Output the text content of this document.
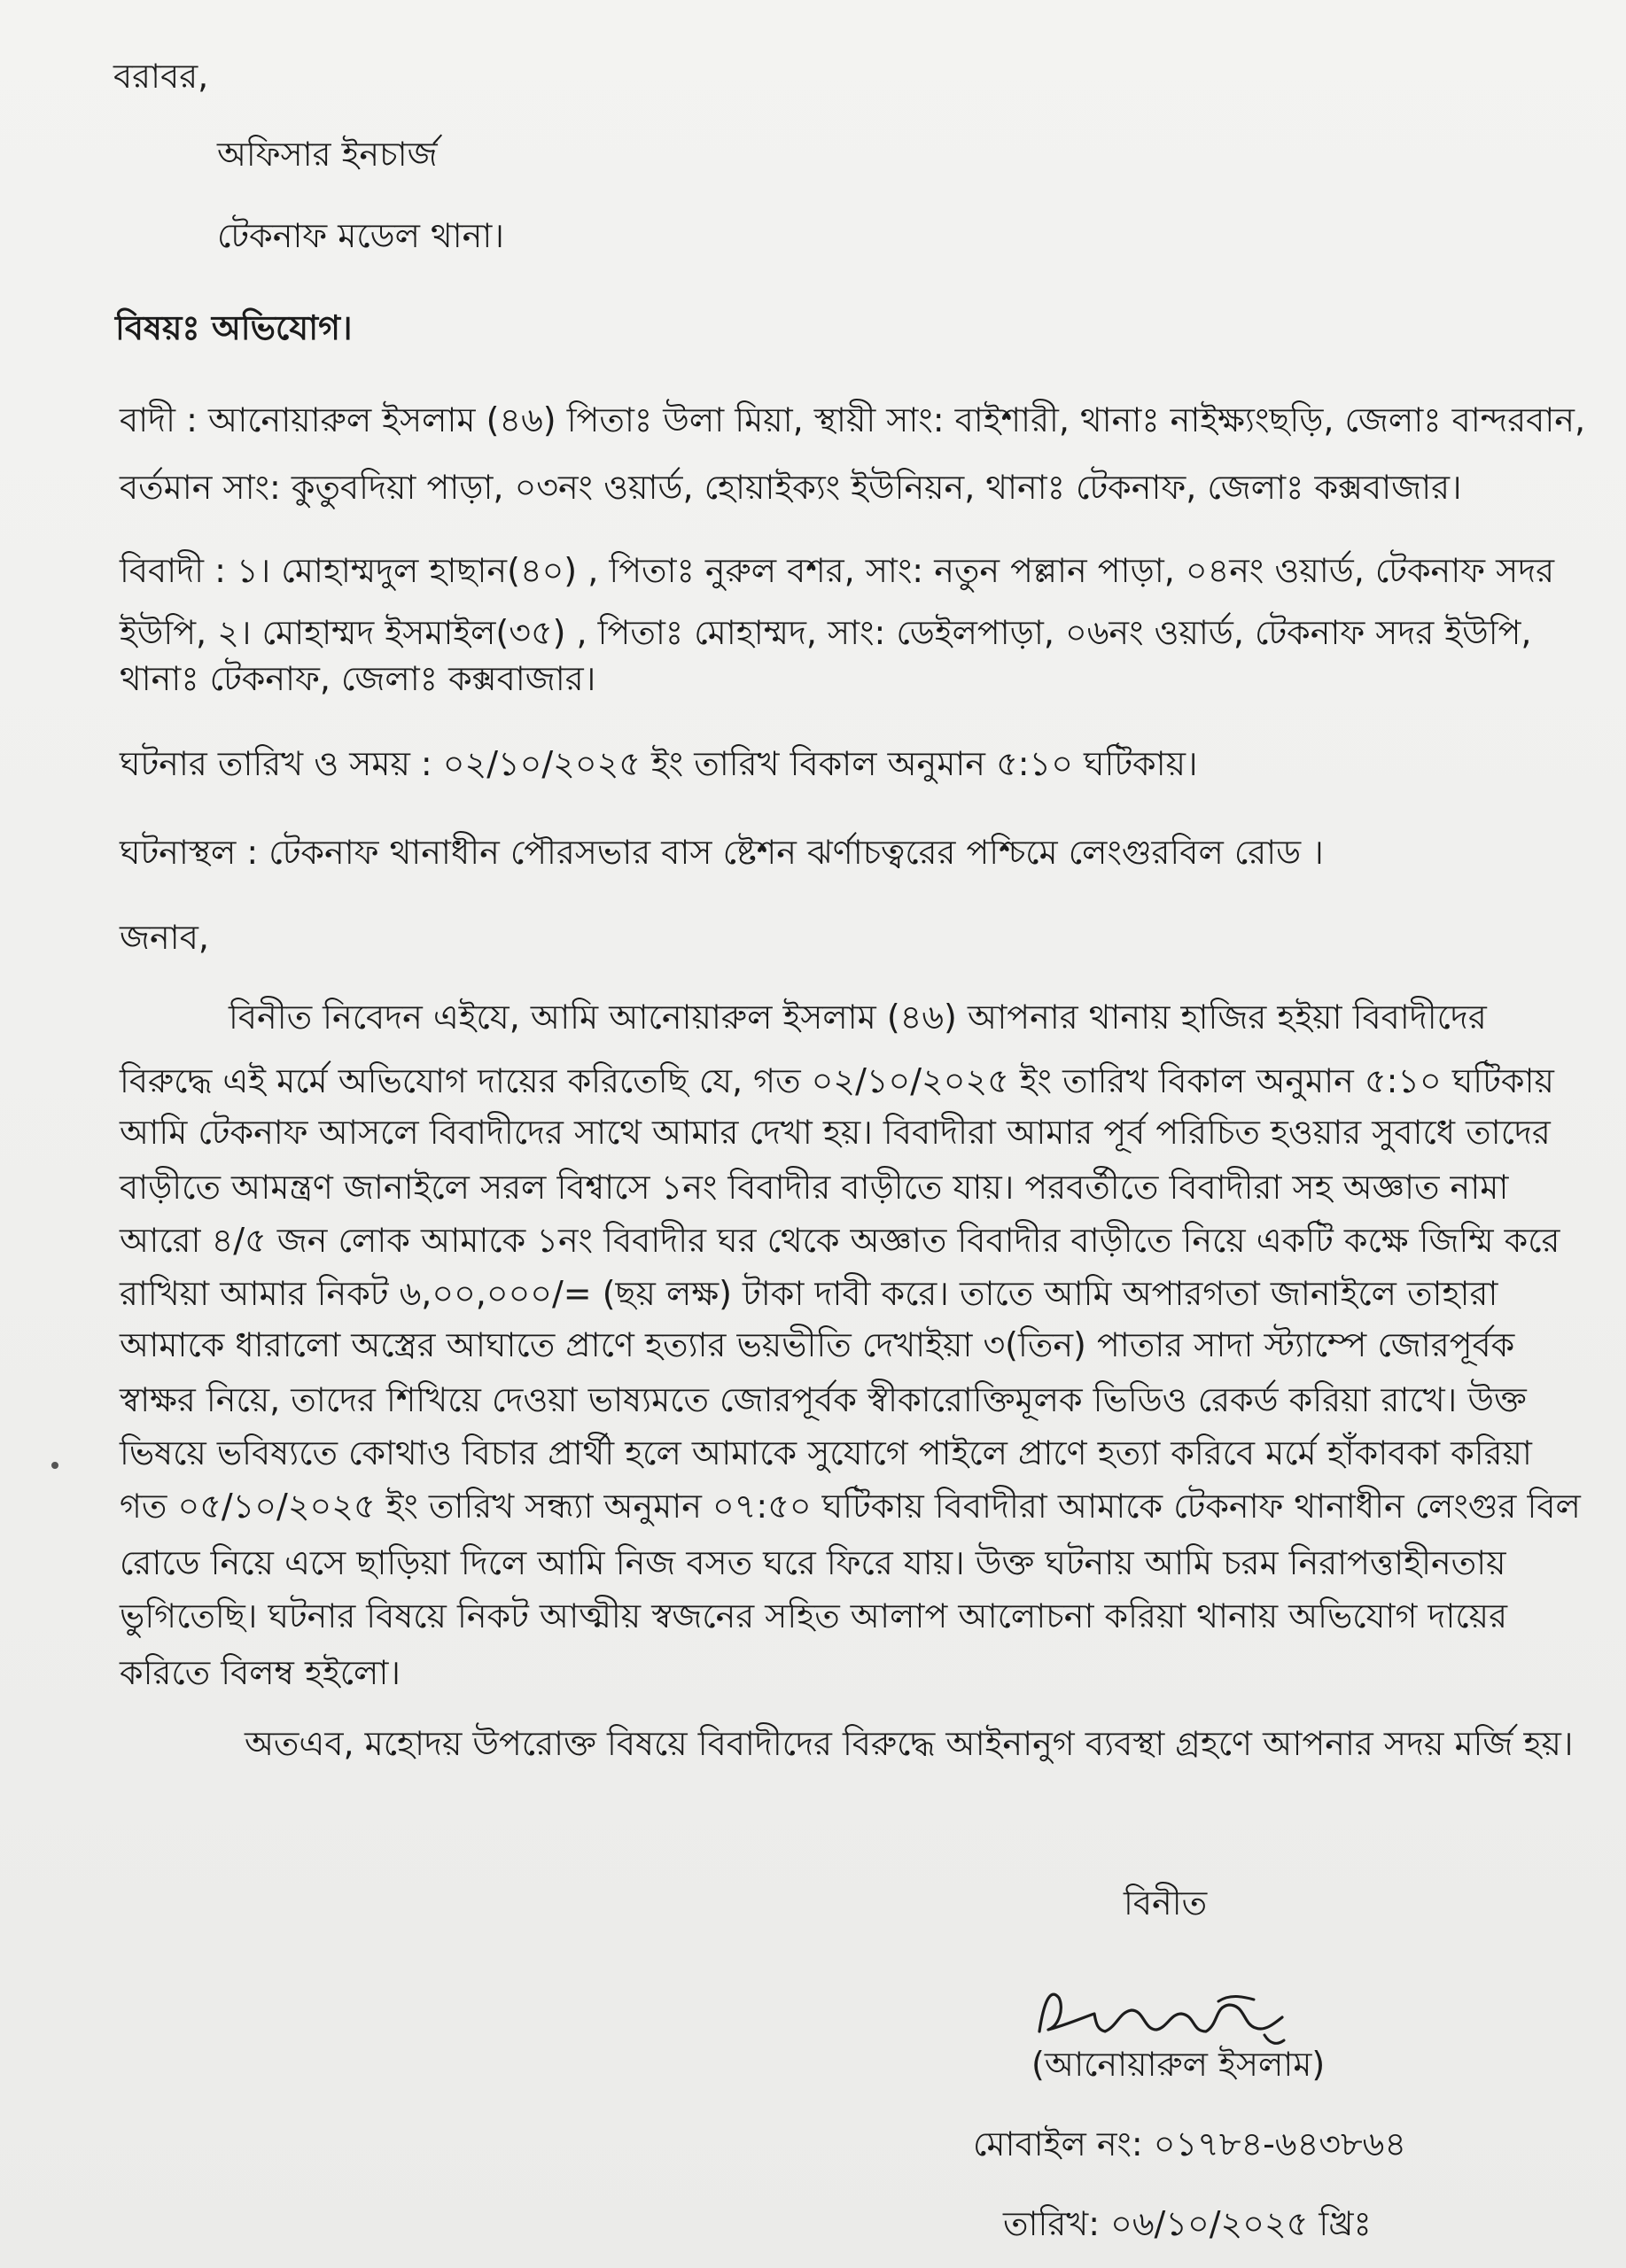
বরাবর,
অফিসার ইনচার্জ
টেকনাফ মডেল থানা।
বিষয়ঃ অভিযোগ।
বাদী : আনোয়ারুল ইসলাম (৪৬) পিতাঃ উলা মিয়া, স্থায়ী সাং: বাইশারী, থানাঃ নাইক্ষ্যংছড়ি, জেলাঃ বান্দরবান,
বর্তমান সাং: কুতুবদিয়া পাড়া, ০৩নং ওয়ার্ড, হোয়াইক্যং ইউনিয়ন, থানাঃ টেকনাফ, জেলাঃ কক্সবাজার।
বিবাদী : ১। মোহাম্মদুল হাছান(৪০) , পিতাঃ নুরুল বশর, সাং: নতুন পল্লান পাড়া, ০৪নং ওয়ার্ড, টেকনাফ সদর
ইউপি, ২। মোহাম্মদ ইসমাইল(৩৫) , পিতাঃ মোহাম্মদ, সাং: ডেইলপাড়া, ০৬নং ওয়ার্ড, টেকনাফ সদর ইউপি,
থানাঃ টেকনাফ, জেলাঃ কক্সবাজার।
ঘটনার তারিখ ও সময় : ০২/১০/২০২৫ ইং তারিখ বিকাল অনুমান ৫:১০ ঘটিকায়।
ঘটনাস্থল : টেকনাফ থানাধীন পৌরসভার বাস ষ্টেশন ঝর্ণাচত্বরের পশ্চিমে লেংগুরবিল রোড ।
জনাব,
বিনীত নিবেদন এইযে, আমি আনোয়ারুল ইসলাম (৪৬) আপনার থানায় হাজির হইয়া বিবাদীদের
বিরুদ্ধে এই মর্মে অভিযোগ দায়ের করিতেছি যে, গত ০২/১০/২০২৫ ইং তারিখ বিকাল অনুমান ৫:১০ ঘটিকায়
আমি টেকনাফ আসলে বিবাদীদের সাথে আমার দেখা হয়। বিবাদীরা আমার পূর্ব পরিচিত হওয়ার সুবাধে তাদের
বাড়ীতে আমন্ত্রণ জানাইলে সরল বিশ্বাসে ১নং বিবাদীর বাড়ীতে যায়। পরবর্তীতে বিবাদীরা সহ অজ্ঞাত নামা
আরো ৪/৫ জন লোক আমাকে ১নং বিবাদীর ঘর থেকে অজ্ঞাত বিবাদীর বাড়ীতে নিয়ে একটি কক্ষে জিম্মি করে
রাখিয়া আমার নিকট ৬,০০,০০০/= (ছয় লক্ষ) টাকা দাবী করে। তাতে আমি অপারগতা জানাইলে তাহারা
আমাকে ধারালো অস্ত্রের আঘাতে প্রাণে হত্যার ভয়ভীতি দেখাইয়া ৩(তিন) পাতার সাদা স্ট্যাম্পে জোরপূর্বক
স্বাক্ষর নিয়ে, তাদের শিখিয়ে দেওয়া ভাষ্যমতে জোরপূর্বক স্বীকারোক্তিমূলক ভিডিও রেকর্ড করিয়া রাখে। উক্ত
ভিষয়ে ভবিষ্যতে কোথাও বিচার প্রার্থী হলে আমাকে সুযোগে পাইলে প্রাণে হত্যা করিবে মর্মে হাঁকাবকা করিয়া
গত ০৫/১০/২০২৫ ইং তারিখ সন্ধ্যা অনুমান ০৭:৫০ ঘটিকায় বিবাদীরা আমাকে টেকনাফ থানাধীন লেংগুর বিল
রোডে নিয়ে এসে ছাড়িয়া দিলে আমি নিজ বসত ঘরে ফিরে যায়। উক্ত ঘটনায় আমি চরম নিরাপত্তাহীনতায়
ভুগিতেছি। ঘটনার বিষয়ে নিকট আত্মীয় স্বজনের সহিত আলাপ আলোচনা করিয়া থানায় অভিযোগ দায়ের
করিতে বিলম্ব হইলো।
অতএব, মহোদয় উপরোক্ত বিষয়ে বিবাদীদের বিরুদ্ধে আইনানুগ ব্যবস্থা গ্রহণে আপনার সদয় মর্জি হয়।
বিনীত
(আনোয়ারুল ইসলাম)
মোবাইল নং: ০১৭৮৪-৬৪৩৮৬৪
তারিখ: ০৬/১০/২০২৫ খ্রিঃ
